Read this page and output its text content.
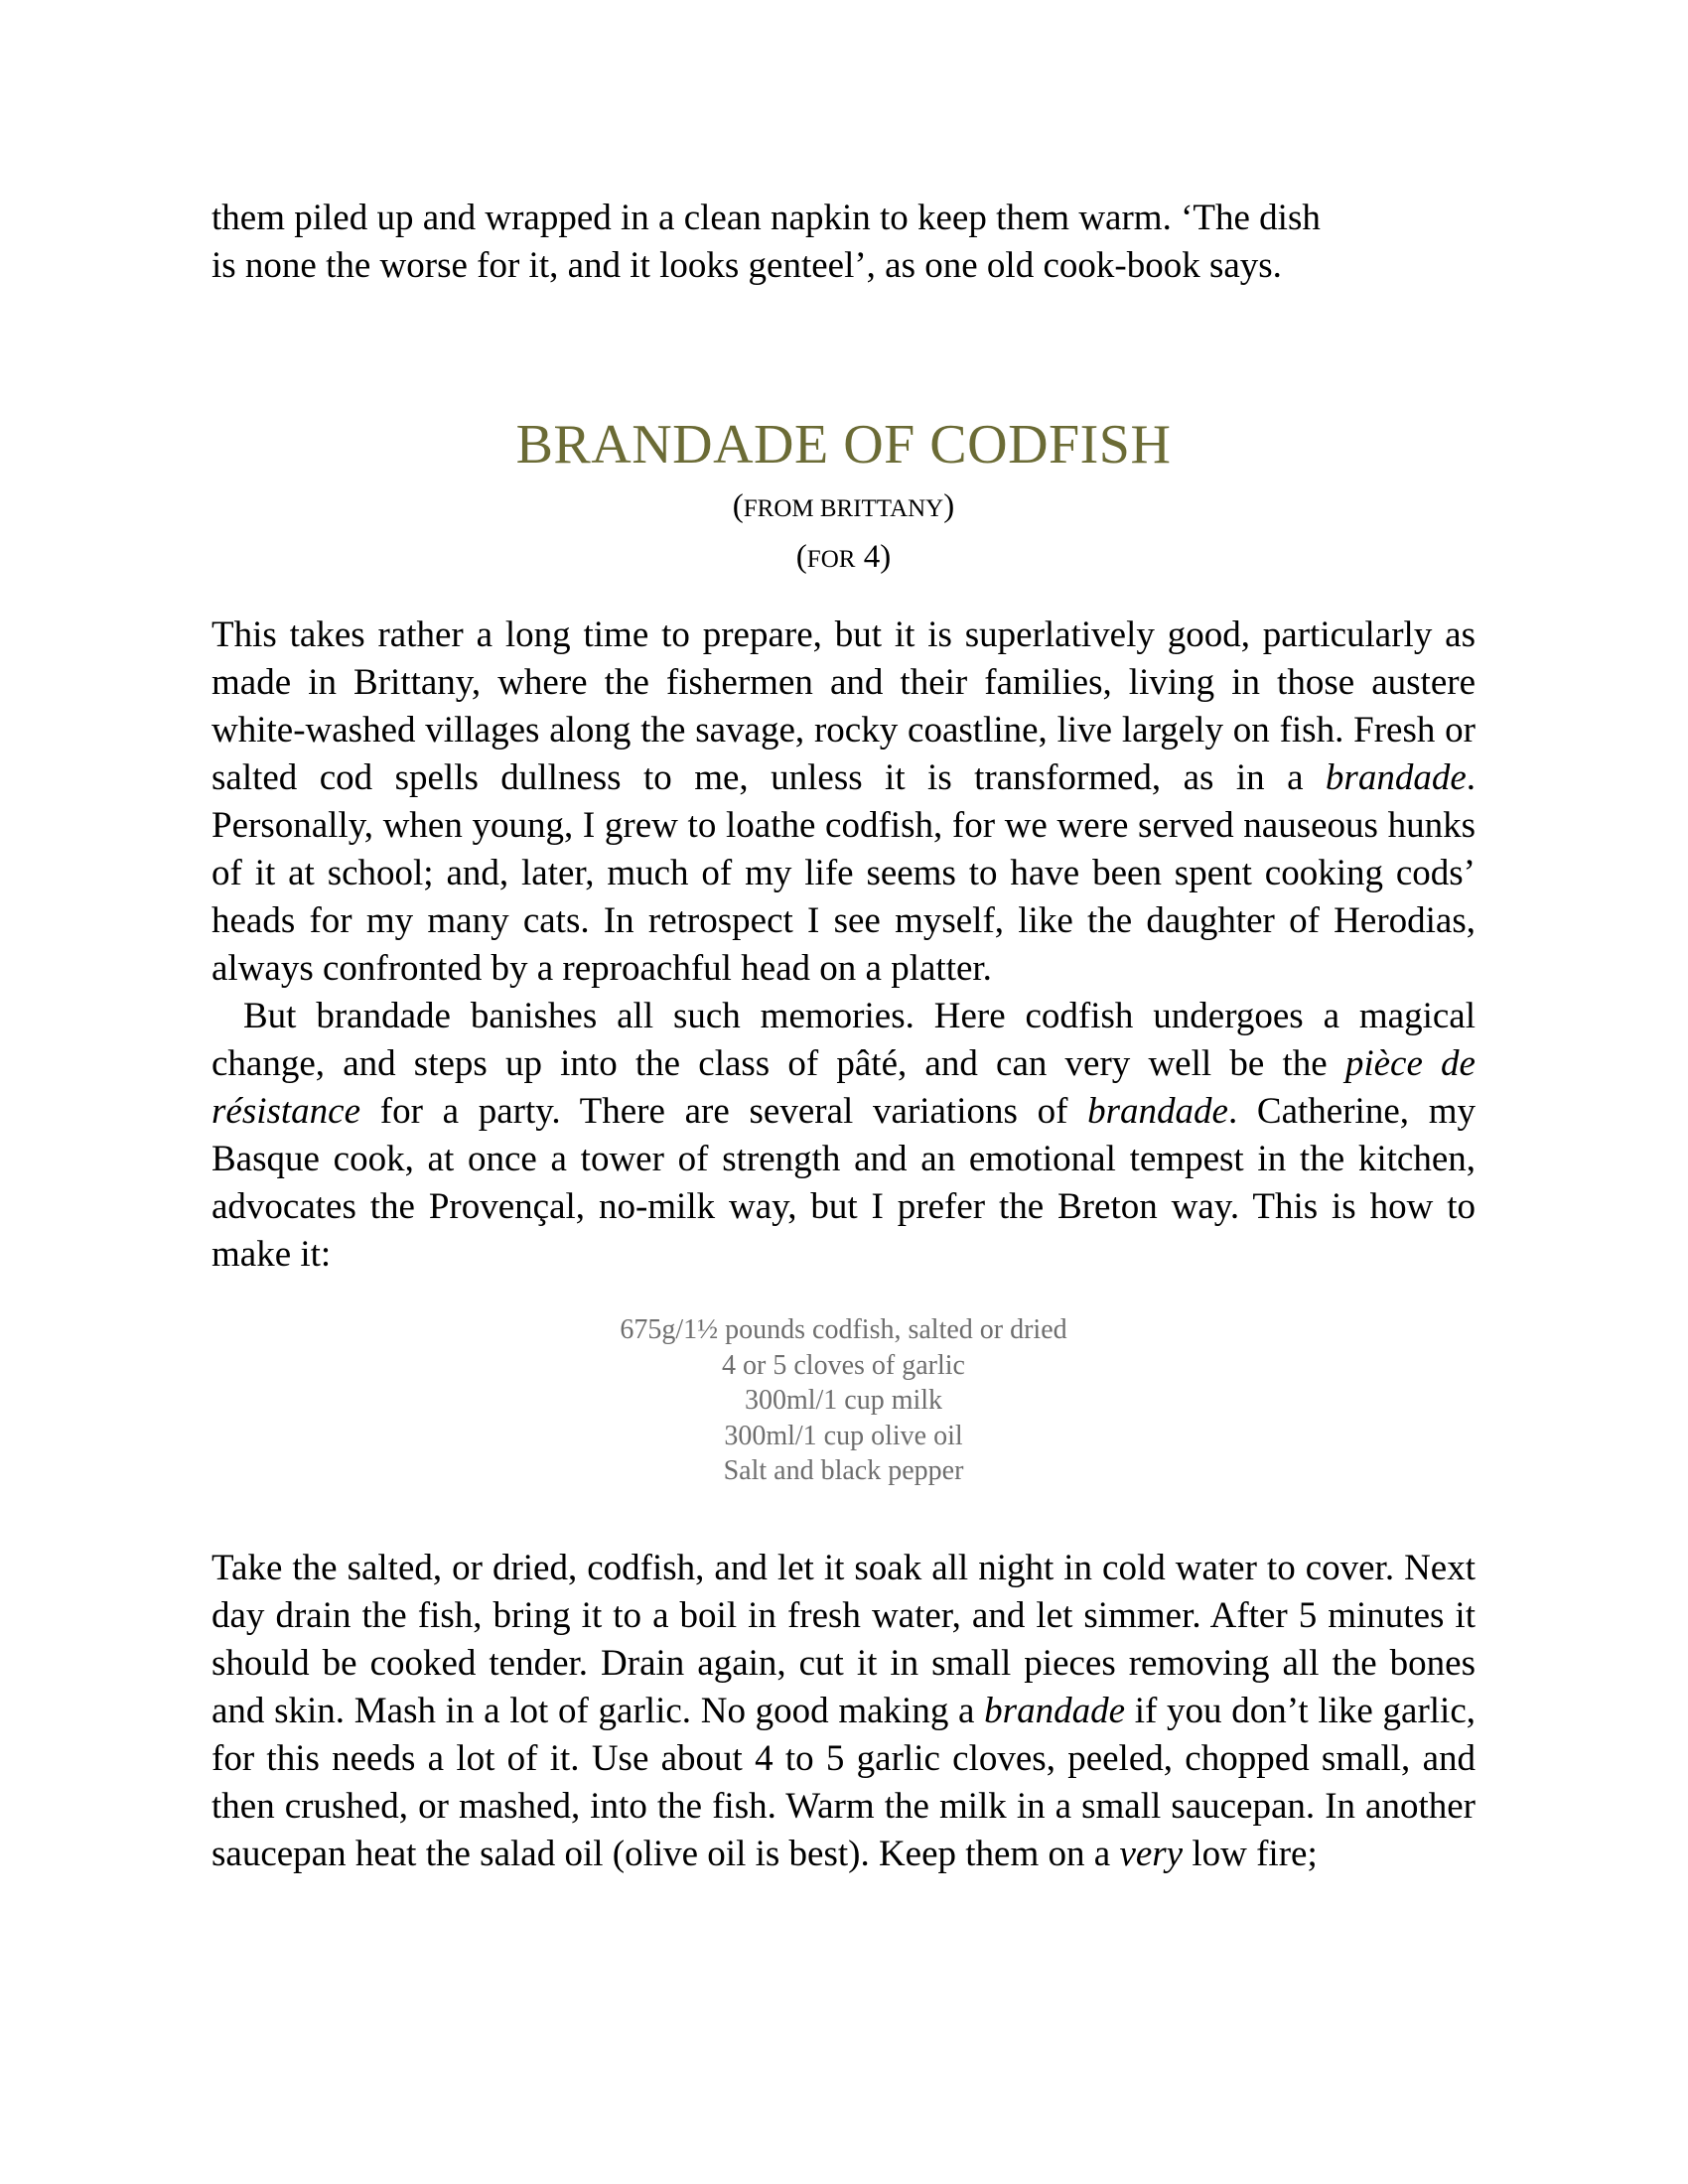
them piled up and wrapped in a clean napkin to keep them warm. ‘The dish
is none the worse for it, and it looks genteel’, as one old cook-book says.

BRANDADE OF CODFISH
(FROM BRITTANY)
(FOR 4)

This takes rather a long time to prepare, but it is superlatively good, particularly as made in Brittany, where the fishermen and their families, living in those austere white-washed villages along the savage, rocky coastline, live largely on fish. Fresh or salted cod spells dullness to me, unless it is transformed, as in a brandade. Personally, when young, I grew to loathe codfish, for we were served nauseous hunks of it at school; and, later, much of my life seems to have been spent cooking cods’ heads for my many cats. In retrospect I see myself, like the daughter of Herodias, always confronted by a reproachful head on a platter.

But brandade banishes all such memories. Here codfish undergoes a magical change, and steps up into the class of pâté, and can very well be the pièce de résistance for a party. There are several variations of brandade. Catherine, my Basque cook, at once a tower of strength and an emotional tempest in the kitchen, advocates the Provençal, no-milk way, but I prefer the Breton way. This is how to make it:

675g/1½ pounds codfish, salted or dried
4 or 5 cloves of garlic
300ml/1 cup milk
300ml/1 cup olive oil
Salt and black pepper

Take the salted, or dried, codfish, and let it soak all night in cold water to cover. Next day drain the fish, bring it to a boil in fresh water, and let simmer. After 5 minutes it should be cooked tender. Drain again, cut it in small pieces removing all the bones and skin. Mash in a lot of garlic. No good making a brandade if you don’t like garlic, for this needs a lot of it. Use about 4 to 5 garlic cloves, peeled, chopped small, and then crushed, or mashed, into the fish. Warm the milk in a small saucepan. In another saucepan heat the salad oil (olive oil is best). Keep them on a very low fire;
